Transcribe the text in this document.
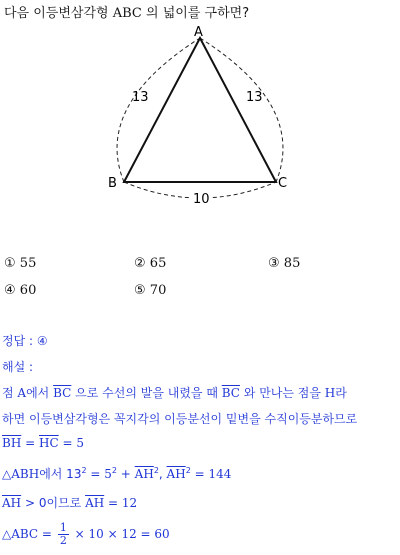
다음 이등변삼각형 ABC 의 넓이를 구하면?
A
B	C
13	13
10
① 55	② 65	③ 85
④ 60	⑤ 70
정답 : ④
해설 :
점 A에서 $\overline{BC}$ 으로 수선의 발을 내렸을 때 $\overline{BC}$ 와 만나는 점을 H라
하면 이등변삼각형은 꼭지각의 이등분선이 밑변을 수직이등분하므로
$\overline{BH} = \overline{HC} = 5$
△ABH에서 $13^2 = 5^2 + \overline{AH}^2$, $\overline{AH}^2 = 144$
$\overline{AH} > 0$이므로 $\overline{AH} = 12$
△ABC = $\frac{1}{2} \times 10 \times 12 = 60$
